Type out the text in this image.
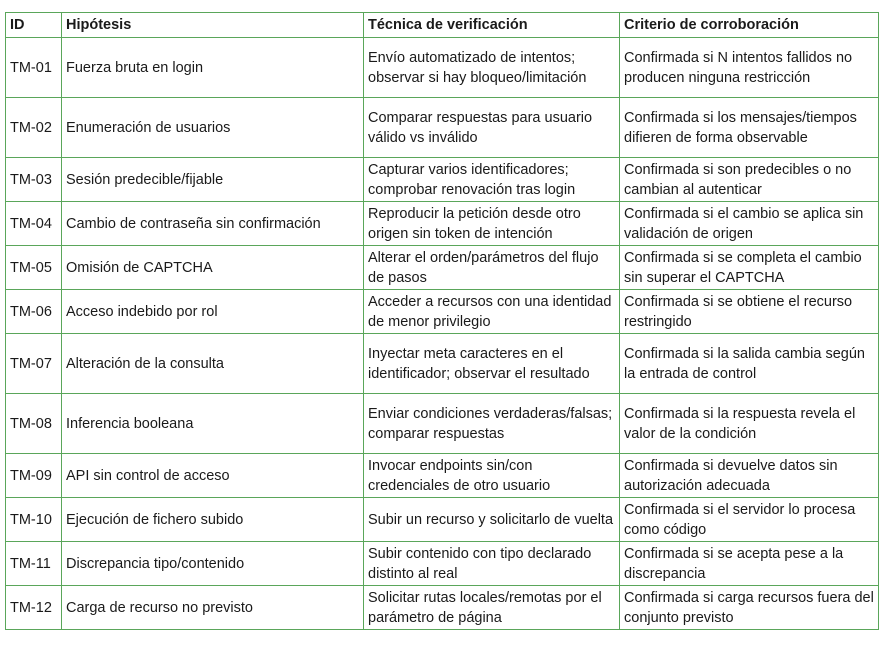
ID	Hipótesis	Técnica de verificación	Criterio de corroboración
TM-01	Fuerza bruta en login	Envío automatizado de intentos; observar si hay bloqueo/limitación	Confirmada si N intentos fallidos no producen ninguna restricción
TM-02	Enumeración de usuarios	Comparar respuestas para usuario válido vs inválido	Confirmada si los mensajes/tiempos difieren de forma observable
TM-03	Sesión predecible/fijable	Capturar varios identificadores; comprobar renovación tras login	Confirmada si son predecibles o no cambian al autenticar
TM-04	Cambio de contraseña sin confirmación	Reproducir la petición desde otro origen sin token de intención	Confirmada si el cambio se aplica sin validación de origen
TM-05	Omisión de CAPTCHA	Alterar el orden/parámetros del flujo de pasos	Confirmada si se completa el cambio sin superar el CAPTCHA
TM-06	Acceso indebido por rol	Acceder a recursos con una identidad de menor privilegio	Confirmada si se obtiene el recurso restringido
TM-07	Alteración de la consulta	Inyectar meta caracteres en el identificador; observar el resultado	Confirmada si la salida cambia según la entrada de control
TM-08	Inferencia booleana	Enviar condiciones verdaderas/falsas; comparar respuestas	Confirmada si la respuesta revela el valor de la condición
TM-09	API sin control de acceso	Invocar endpoints sin/con credenciales de otro usuario	Confirmada si devuelve datos sin autorización adecuada
TM-10	Ejecución de fichero subido	Subir un recurso y solicitarlo de vuelta	Confirmada si el servidor lo procesa como código
TM-11	Discrepancia tipo/contenido	Subir contenido con tipo declarado distinto al real	Confirmada si se acepta pese a la discrepancia
TM-12	Carga de recurso no previsto	Solicitar rutas locales/remotas por el parámetro de página	Confirmada si carga recursos fuera del conjunto previsto
